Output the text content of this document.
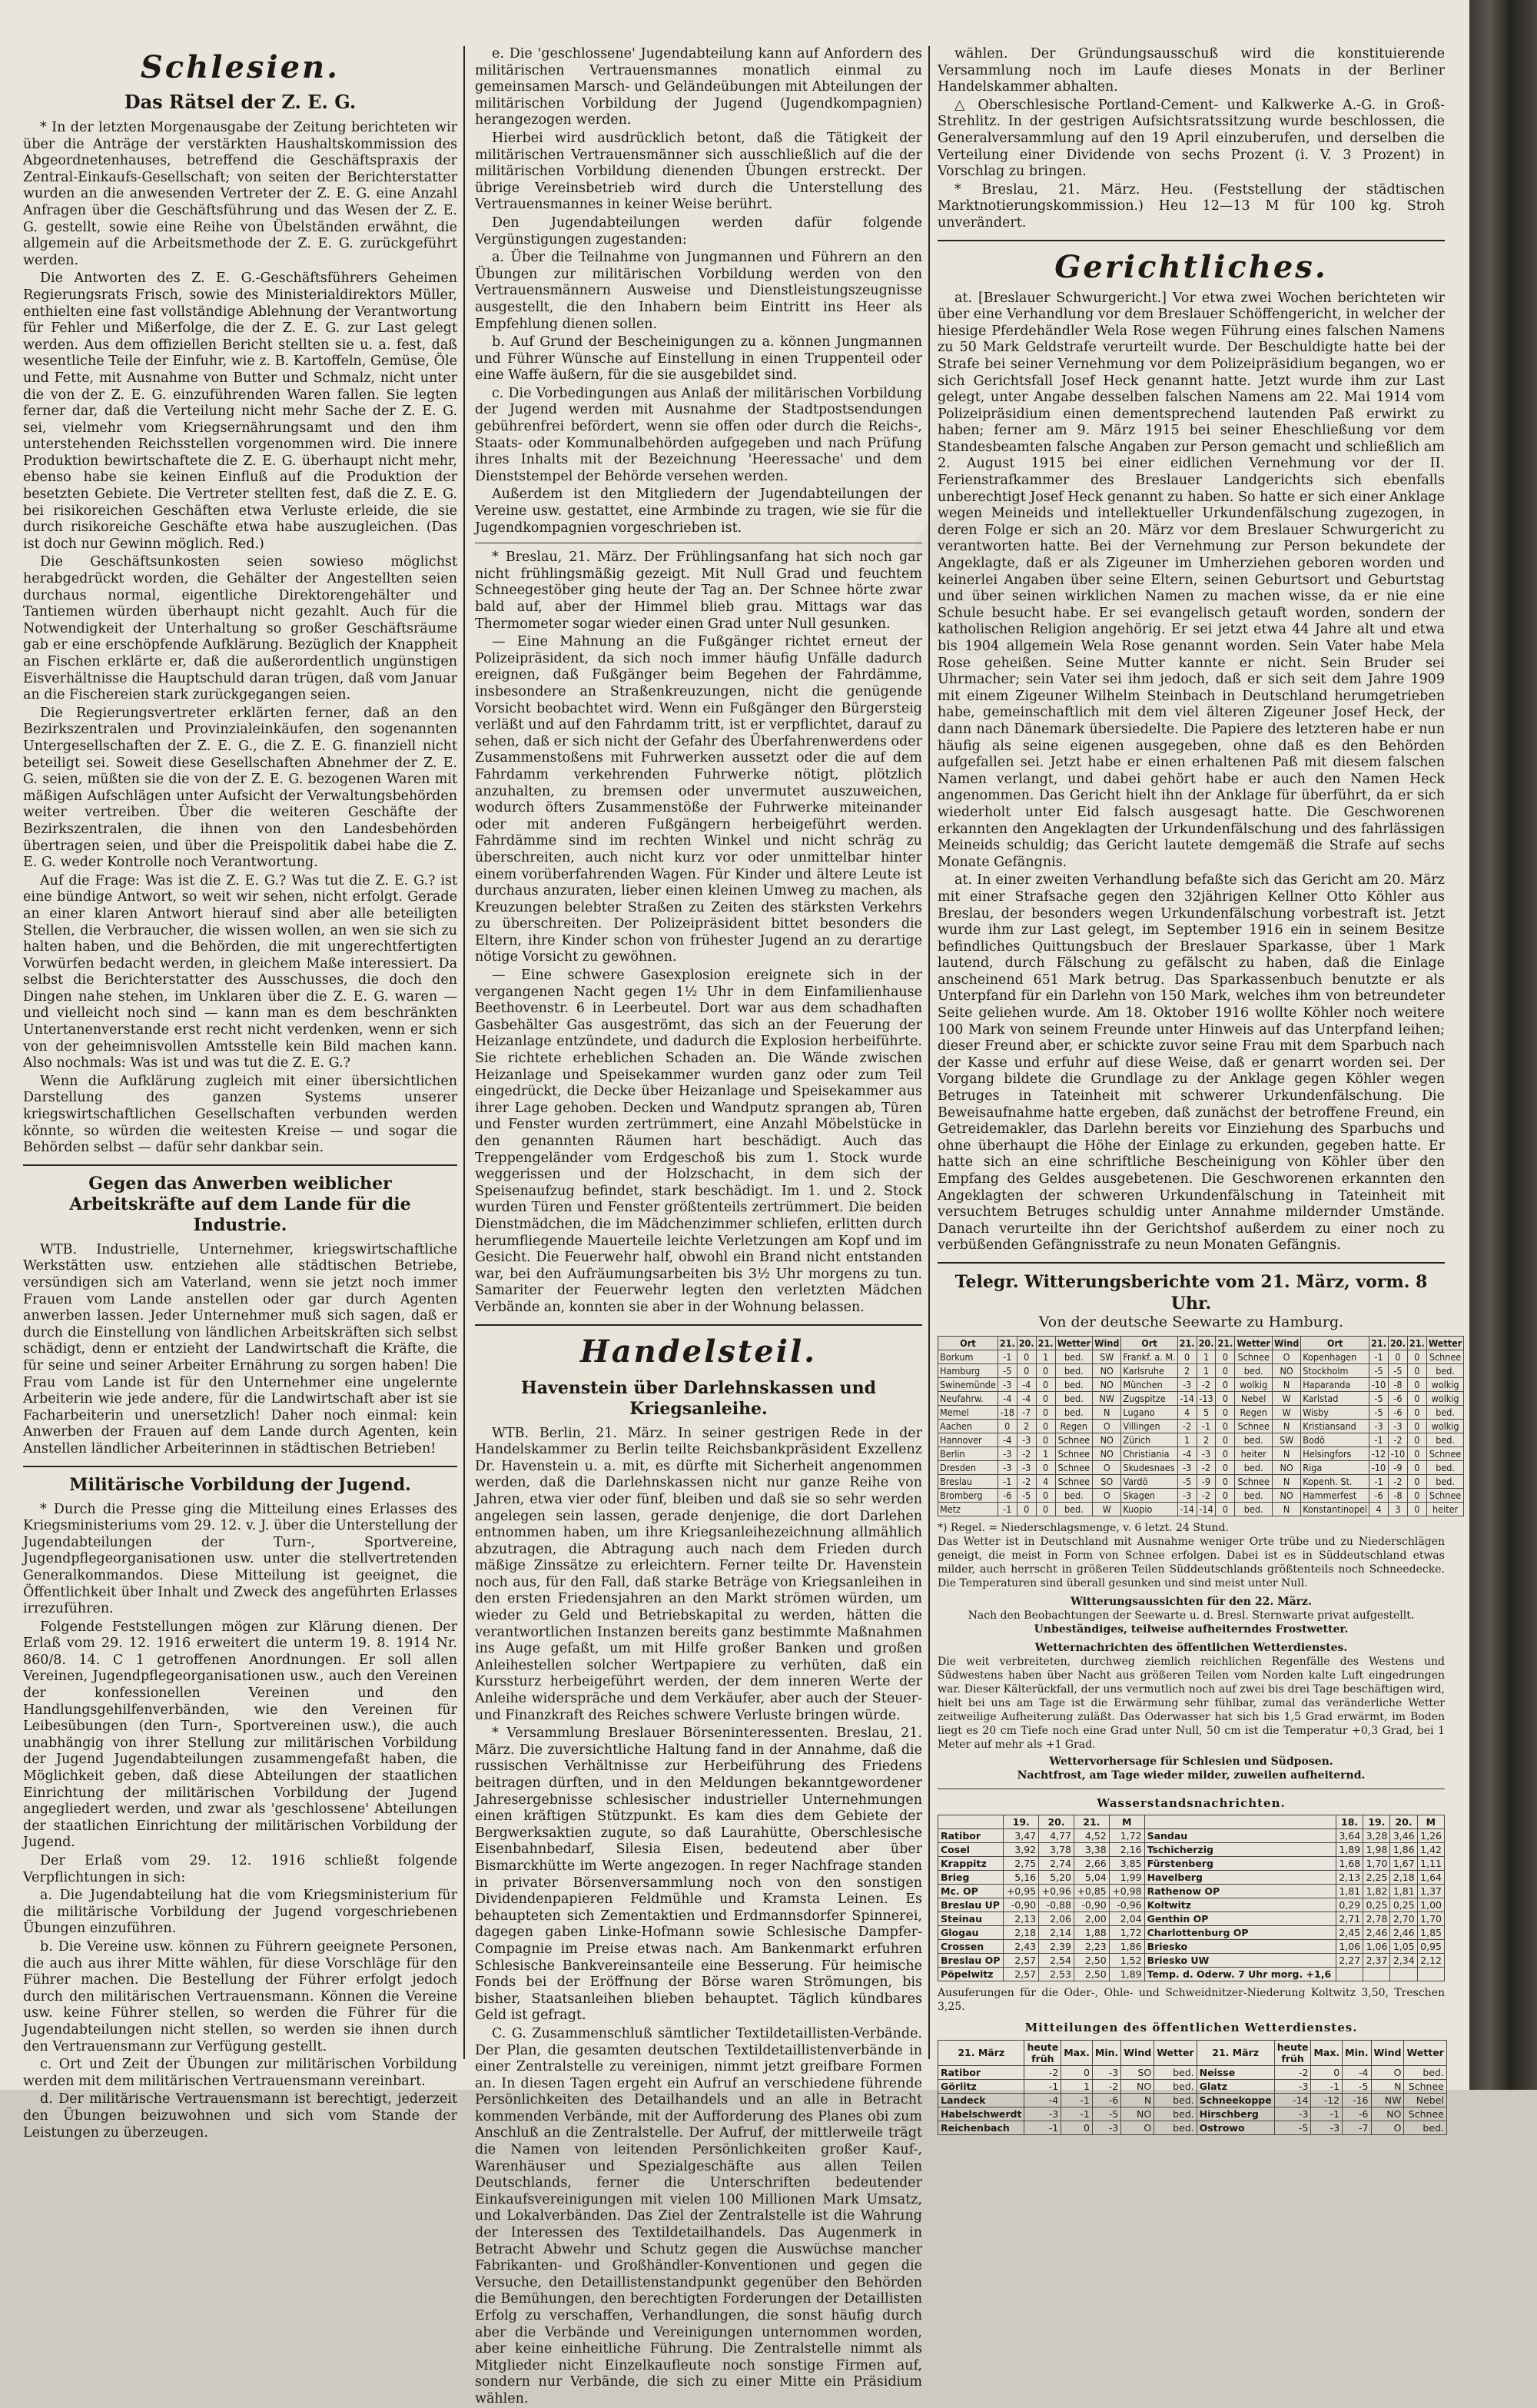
Schlesien.
Das Rätsel der Z. E. G.

* In der letzten Morgenausgabe der Zeitung berichteten wir über die Anträge der verstärkten Haushaltskommission des Abgeordnetenhauses, betreffend die Geschäftspraxis der Zentral-Einkaufs-Gesellschaft; von seiten der Berichterstatter wurden an die anwesenden Vertreter der Z. E. G. eine Anzahl Anfragen über die Geschäftsführung und das Wesen der Z. E. G. gestellt, sowie eine Reihe von Übelständen erwähnt, die allgemein auf die Arbeitsmethode der Z. E. G. zurückgeführt werden.

Die Antworten des Z. E. G.-Geschäftsführers Geheimen Regierungsrats Frisch, sowie des Ministerialdirektors Müller, enthielten eine fast vollständige Ablehnung der Verantwortung für Fehler und Mißerfolge, die der Z. E. G. zur Last gelegt werden. Aus dem offiziellen Bericht stellten sie u. a. fest, daß wesentliche Teile der Einfuhr, wie z. B. Kartoffeln, Gemüse, Öle und Fette, mit Ausnahme von Butter und Schmalz, nicht unter die von der Z. E. G. einzuführenden Waren fallen. Sie legten ferner dar, daß die Verteilung nicht mehr Sache der Z. E. G. sei, vielmehr vom Kriegsernährungsamt und den ihm unterstehenden Reichsstellen vorgenommen wird. Die innere Produktion bewirtschaftete die Z. E. G. überhaupt nicht mehr, ebenso habe sie keinen Einfluß auf die Produktion der besetzten Gebiete. Die Vertreter stellten fest, daß die Z. E. G. bei risikoreichen Geschäften etwa Verluste erleide, die sie durch risikoreiche Geschäfte etwa habe auszugleichen. (Das ist doch nur Gewinn möglich. Red.)

Die Geschäftsunkosten seien sowieso möglichst herabgedrückt worden, die Gehälter der Angestellten seien durchaus normal, eigentliche Direktorengehälter und Tantiemen würden überhaupt nicht gezahlt. Auch für die Notwendigkeit der Unterhaltung so großer Geschäftsräume gab er eine erschöpfende Aufklärung. Bezüglich der Knappheit an Fischen erklärte er, daß die außerordentlich ungünstigen Eisverhältnisse die Hauptschuld daran trügen, daß vom Januar an die Fischereien stark zurückgegangen seien.

Die Regierungsvertreter erklärten ferner, daß an den Bezirkszentralen und Provinzialeinkäufen, den sogenannten Untergesellschaften der Z. E. G., die Z. E. G. finanziell nicht beteiligt sei. Soweit diese Gesellschaften Abnehmer der Z. E. G. seien, müßten sie die von der Z. E. G. bezogenen Waren mit mäßigen Aufschlägen unter Aufsicht der Verwaltungsbehörden weiter vertreiben. Über die weiteren Geschäfte der Bezirkszentralen, die ihnen von den Landesbehörden übertragen seien, und über die Preispolitik dabei habe die Z. E. G. weder Kontrolle noch Verantwortung.

Auf die Frage: Was ist die Z. E. G.? Was tut die Z. E. G.? ist eine bündige Antwort, so weit wir sehen, nicht erfolgt. Gerade an einer klaren Antwort hierauf sind aber alle beteiligten Stellen, die Verbraucher, die wissen wollen, an wen sie sich zu halten haben, und die Behörden, die mit ungerechtfertigten Vorwürfen bedacht werden, in gleichem Maße interessiert. Da selbst die Berichterstatter des Ausschusses, die doch den Dingen nahe stehen, im Unklaren über die Z. E. G. waren — und vielleicht noch sind — kann man es dem beschränkten Untertanenverstande erst recht nicht verdenken, wenn er sich von der geheimnisvollen Amtsstelle kein Bild machen kann. Also nochmals: Was ist und was tut die Z. E. G.?

Wenn die Aufklärung zugleich mit einer übersichtlichen Darstellung des ganzen Systems unserer kriegswirtschaftlichen Gesellschaften verbunden werden könnte, so würden die weitesten Kreise — und sogar die Behörden selbst — dafür sehr dankbar sein.

Gegen das Anwerben weiblicher Arbeitskräfte auf dem Lande für die Industrie.

WTB. Industrielle, Unternehmer, kriegswirtschaftliche Werkstätten usw. entziehen alle städtischen Betriebe, versündigen sich am Vaterland, wenn sie jetzt noch immer Frauen vom Lande anstellen oder gar durch Agenten anwerben lassen. Jeder Unternehmer muß sich sagen, daß er durch die Einstellung von ländlichen Arbeitskräften sich selbst schädigt, denn er entzieht der Landwirtschaft die Kräfte, die für seine und seiner Arbeiter Ernährung zu sorgen haben! Die Frau vom Lande ist für den Unternehmer eine ungelernte Arbeiterin wie jede andere, für die Landwirtschaft aber ist sie Facharbeiterin und unersetzlich! Daher noch einmal: kein Anwerben der Frauen auf dem Lande durch Agenten, kein Anstellen ländlicher Arbeiterinnen in städtischen Betrieben!

Militärische Vorbildung der Jugend.

* Durch die Presse ging die Mitteilung eines Erlasses des Kriegsministeriums vom 29. 12. v. J. über die Unterstellung der Jugendabteilungen der Turn-, Sportvereine, Jugendpflegeorganisationen usw. unter die stellvertretenden Generalkommandos. Diese Mitteilung ist geeignet, die Öffentlichkeit über Inhalt und Zweck des angeführten Erlasses irrezuführen.

Folgende Feststellungen mögen zur Klärung dienen. Der Erlaß vom 29. 12. 1916 erweitert die unterm 19. 8. 1914 Nr. 860/8. 14. C 1 getroffenen Anordnungen. Er soll allen Vereinen, Jugendpflegeorganisationen usw., auch den Vereinen der konfessionellen Vereinen und den Handlungsgehilfenverbänden, wie den Vereinen für Leibesübungen (den Turn-, Sportvereinen usw.), die auch unabhängig von ihrer Stellung zur militärischen Vorbildung der Jugend Jugendabteilungen zusammengefaßt haben, die Möglichkeit geben, daß diese Abteilungen der staatlichen Einrichtung der militärischen Vorbildung der Jugend angegliedert werden, und zwar als 'geschlossene' Abteilungen der staatlichen Einrichtung der militärischen Vorbildung der Jugend.

Der Erlaß vom 29. 12. 1916 schließt folgende Verpflichtungen in sich:

a. Die Jugendabteilung hat die vom Kriegsministerium für die militärische Vorbildung der Jugend vorgeschriebenen Übungen einzuführen.

b. Die Vereine usw. können zu Führern geeignete Personen, die auch aus ihrer Mitte wählen, für diese Vorschläge für den Führer machen. Die Bestellung der Führer erfolgt jedoch durch den militärischen Vertrauensmann. Können die Vereine usw. keine Führer stellen, so werden die Führer für die Jugendabteilungen nicht stellen, so werden sie ihnen durch den Vertrauensmann zur Verfügung gestellt.

c. Ort und Zeit der Übungen zur militärischen Vorbildung werden mit dem militärischen Vertrauensmann vereinbart.

d. Der militärische Vertrauensmann ist berechtigt, jederzeit den Übungen beizuwohnen und sich vom Stande der Leistungen zu überzeugen.

e. Die 'geschlossene' Jugendabteilung kann auf Anfordern des militärischen Vertrauensmannes monatlich einmal zu gemeinsamen Marsch- und Geländeübungen mit Abteilungen der militärischen Vorbildung der Jugend (Jugendkompagnien) herangezogen werden.

Hierbei wird ausdrücklich betont, daß die Tätigkeit der militärischen Vertrauensmänner sich ausschließlich auf die der militärischen Vorbildung dienenden Übungen erstreckt. Der übrige Vereinsbetrieb wird durch die Unterstellung des Vertrauensmannes in keiner Weise berührt.

Den Jugendabteilungen werden dafür folgende Vergünstigungen zugestanden:

a. Über die Teilnahme von Jungmannen und Führern an den Übungen zur militärischen Vorbildung werden von den Vertrauensmännern Ausweise und Dienstleistungszeugnisse ausgestellt, die den Inhabern beim Eintritt ins Heer als Empfehlung dienen sollen.

b. Auf Grund der Bescheinigungen zu a. können Jungmannen und Führer Wünsche auf Einstellung in einen Truppenteil oder eine Waffe äußern, für die sie ausgebildet sind.

c. Die Vorbedingungen aus Anlaß der militärischen Vorbildung der Jugend werden mit Ausnahme der Stadtpostsendungen gebührenfrei befördert, wenn sie offen oder durch die Reichs-, Staats- oder Kommunalbehörden aufgegeben und nach Prüfung ihres Inhalts mit der Bezeichnung 'Heeressache' und dem Dienststempel der Behörde versehen werden.

Außerdem ist den Mitgliedern der Jugendabteilungen der Vereine usw. gestattet, eine Armbinde zu tragen, wie sie für die Jugendkompagnien vorgeschrieben ist.

* Breslau, 21. März. Der Frühlingsanfang hat sich noch gar nicht frühlingsmäßig gezeigt. Mit Null Grad und feuchtem Schneegestöber ging heute der Tag an. Der Schnee hörte zwar bald auf, aber der Himmel blieb grau. Mittags war das Thermometer sogar wieder einen Grad unter Null gesunken.

— Eine Mahnung an die Fußgänger richtet erneut der Polizeipräsident, da sich noch immer häufig Unfälle dadurch ereignen, daß Fußgänger beim Begehen der Fahrdämme, insbesondere an Straßenkreuzungen, nicht die genügende Vorsicht beobachtet wird. Wenn ein Fußgänger den Bürgersteig verläßt und auf den Fahrdamm tritt, ist er verpflichtet, darauf zu sehen, daß er sich nicht der Gefahr des Überfahrenwerdens oder Zusammenstoßens mit Fuhrwerken aussetzt oder die auf dem Fahrdamm verkehrenden Fuhrwerke nötigt, plötzlich anzuhalten, zu bremsen oder unvermutet auszuweichen, wodurch öfters Zusammenstöße der Fuhrwerke miteinander oder mit anderen Fußgängern herbeigeführt werden. Fahrdämme sind im rechten Winkel und nicht schräg zu überschreiten, auch nicht kurz vor oder unmittelbar hinter einem vorüberfahrenden Wagen. Für Kinder und ältere Leute ist durchaus anzuraten, lieber einen kleinen Umweg zu machen, als Kreuzungen belebter Straßen zu Zeiten des stärksten Verkehrs zu überschreiten. Der Polizeipräsident bittet besonders die Eltern, ihre Kinder schon von frühester Jugend an zu derartige nötige Vorsicht zu gewöhnen.

— Eine schwere Gasexplosion ereignete sich in der vergangenen Nacht gegen 1½ Uhr in dem Einfamilienhause Beethovenstr. 6 in Leerbeutel. Dort war aus dem schadhaften Gasbehälter Gas ausgeströmt, das sich an der Feuerung der Heizanlage entzündete, und dadurch die Explosion herbeiführte. Sie richtete erheblichen Schaden an. Die Wände zwischen Heizanlage und Speisekammer wurden ganz oder zum Teil eingedrückt, die Decke über Heizanlage und Speisekammer aus ihrer Lage gehoben. Decken und Wandputz sprangen ab, Türen und Fenster wurden zertrümmert, eine Anzahl Möbelstücke in den genannten Räumen hart beschädigt. Auch das Treppengeländer vom Erdgeschoß bis zum 1. Stock wurde weggerissen und der Holzschacht, in dem sich der Speisenaufzug befindet, stark beschädigt. Im 1. und 2. Stock wurden Türen und Fenster größtenteils zertrümmert. Die beiden Dienstmädchen, die im Mädchenzimmer schliefen, erlitten durch herumfliegende Mauerteile leichte Verletzungen am Kopf und im Gesicht. Die Feuerwehr half, obwohl ein Brand nicht entstanden war, bei den Aufräumungsarbeiten bis 3½ Uhr morgens zu tun. Samariter der Feuerwehr legten den verletzten Mädchen Verbände an, konnten sie aber in der Wohnung belassen.

Handelsteil.
Havenstein über Darlehnskassen und Kriegsanleihe.

WTB. Berlin, 21. März. In seiner gestrigen Rede in der Handelskammer zu Berlin teilte Reichsbankpräsident Exzellenz Dr. Havenstein u. a. mit, es dürfte mit Sicherheit angenommen werden, daß die Darlehnskassen nicht nur ganze Reihe von Jahren, etwa vier oder fünf, bleiben und daß sie so sehr werden angelegen sein lassen, gerade denjenige, die dort Darlehen entnommen haben, um ihre Kriegsanleihezeichnung allmählich abzutragen, die Abtragung auch nach dem Frieden durch mäßige Zinssätze zu erleichtern. Ferner teilte Dr. Havenstein noch aus, für den Fall, daß starke Beträge von Kriegsanleihen in den ersten Friedensjahren an den Markt strömen würden, um wieder zu Geld und Betriebskapital zu werden, hätten die verantwortlichen Instanzen bereits ganz bestimmte Maßnahmen ins Auge gefaßt, um mit Hilfe großer Banken und großen Anleihestellen solcher Wertpapiere zu verhüten, daß ein Kurssturz herbeigeführt werden, der dem inneren Werte der Anleihe widerspräche und dem Verkäufer, aber auch der Steuer- und Finanzkraft des Reiches schwere Verluste bringen würde.

* Versammlung Breslauer Börseninteressenten. Breslau, 21. März. Die zuversichtliche Haltung fand in der Annahme, daß die russischen Verhältnisse zur Herbeiführung des Friedens beitragen dürften, und in den Meldungen bekanntgewordener Jahresergebnisse schlesischer industrieller Unternehmungen einen kräftigen Stützpunkt. Es kam dies dem Gebiete der Bergwerksaktien zugute, so daß Laurahütte, Oberschlesische Eisenbahnbedarf, Silesia Eisen, bedeutend aber über Bismarckhütte im Werte angezogen. In reger Nachfrage standen in privater Börsenversammlung noch von den sonstigen Dividendenpapieren Feldmühle und Kramsta Leinen. Es behaupteten sich Zementaktien und Erdmannsdorfer Spinnerei, dagegen gaben Linke-Hofmann sowie Schlesische Dampfer-Compagnie im Preise etwas nach. Am Bankenmarkt erfuhren Schlesische Bankvereinsanteile eine Besserung. Für heimische Fonds bei der Eröffnung der Börse waren Strömungen, bis bisher, Staatsanleihen blieben behauptet. Täglich kündbares Geld ist gefragt.

C. G. Zusammenschluß sämtlicher Textildetaillisten-Verbände. Der Plan, die gesamten deutschen Textildetaillistenverbände in einer Zentralstelle zu vereinigen, nimmt jetzt greifbare Formen an. In diesen Tagen ergeht ein Aufruf an verschiedene führende Persönlichkeiten des Detailhandels und an alle in Betracht kommenden Verbände, mit der Aufforderung des Planes obi zum Anschluß an die Zentralstelle. Der Aufruf, der mittlerweile trägt die Namen von leitenden Persönlichkeiten großer Kauf-, Warenhäuser und Spezialgeschäfte aus allen Teilen Deutschlands, ferner die Unterschriften bedeutender Einkaufsvereinigungen mit vielen 100 Millionen Mark Umsatz, und Lokalverbänden. Das Ziel der Zentralstelle ist die Wahrung der Interessen des Textildetailhandels. Das Augenmerk in Betracht Abwehr und Schutz gegen die Auswüchse mancher Fabrikanten- und Großhändler-Konventionen und gegen die Versuche, den Detaillistenstandpunkt gegenüber den Behörden die Bemühungen, den berechtigten Forderungen der Detaillisten Erfolg zu verschaffen, Verhandlungen, die sonst häufig durch aber die Verbände und Vereinigungen unternommen worden, aber keine einheitliche Führung. Die Zentralstelle nimmt als Mitglieder nicht Einzelkaufleute noch sonstige Firmen auf, sondern nur Verbände, die sich zu einer Mitte ein Präsidium wählen.

wählen. Der Gründungsausschuß wird die konstituierende Versammlung noch im Laufe dieses Monats in der Berliner Handelskammer abhalten.

△ Oberschlesische Portland-Cement- und Kalkwerke A.-G. in Groß-Strehlitz. In der gestrigen Aufsichtsratssitzung wurde beschlossen, die Generalversammlung auf den 19 April einzuberufen, und derselben die Verteilung einer Dividende von sechs Prozent (i. V. 3 Prozent) in Vorschlag zu bringen.

* Breslau, 21. März. Heu. (Feststellung der städtischen Marktnotierungskommission.) Heu 12—13 M für 100 kg. Stroh unverändert.

Gerichtliches.

at. [Breslauer Schwurgericht.] Vor etwa zwei Wochen berichteten wir über eine Verhandlung vor dem Breslauer Schöffengericht, in welcher der hiesige Pferdehändler Wela Rose wegen Führung eines falschen Namens zu 50 Mark Geldstrafe verurteilt wurde. Der Beschuldigte hatte bei der Strafe bei seiner Vernehmung vor dem Polizeipräsidium begangen, wo er sich Gerichtsfall Josef Heck genannt hatte. Jetzt wurde ihm zur Last gelegt, unter Angabe desselben falschen Namens am 22. Mai 1914 vom Polizeipräsidium einen dementsprechend lautenden Paß erwirkt zu haben; ferner am 9. März 1915 bei seiner Eheschließung vor dem Standesbeamten falsche Angaben zur Person gemacht und schließlich am 2. August 1915 bei einer eidlichen Vernehmung vor der II. Ferienstrafkammer des Breslauer Landgerichts sich ebenfalls unberechtigt Josef Heck genannt zu haben. So hatte er sich einer Anklage wegen Meineids und intellektueller Urkundenfälschung zugezogen, in deren Folge er sich an 20. März vor dem Breslauer Schwurgericht zu verantworten hatte. Bei der Vernehmung zur Person bekundete der Angeklagte, daß er als Zigeuner im Umherziehen geboren worden und keinerlei Angaben über seine Eltern, seinen Geburtsort und Geburtstag und über seinen wirklichen Namen zu machen wisse, da er nie eine Schule besucht habe. Er sei evangelisch getauft worden, sondern der katholischen Religion angehörig. Er sei jetzt etwa 44 Jahre alt und etwa bis 1904 allgemein Wela Rose genannt worden. Sein Vater habe Mela Rose geheißen. Seine Mutter kannte er nicht. Sein Bruder sei Uhrmacher; sein Vater sei ihm jedoch, daß er sich seit dem Jahre 1909 mit einem Zigeuner Wilhelm Steinbach in Deutschland herumgetrieben habe, gemeinschaftlich mit dem viel älteren Zigeuner Josef Heck, der dann nach Dänemark übersiedelte. Die Papiere des letzteren habe er nun häufig als seine eigenen ausgegeben, ohne daß es den Behörden aufgefallen sei. Jetzt habe er einen erhaltenen Paß mit diesem falschen Namen verlangt, und dabei gehört habe er auch den Namen Heck angenommen. Das Gericht hielt ihn der Anklage für überführt, da er sich wiederholt unter Eid falsch ausgesagt hatte. Die Geschworenen erkannten den Angeklagten der Urkundenfälschung und des fahrlässigen Meineids schuldig; das Gericht lautete demgemäß die Strafe auf sechs Monate Gefängnis.

at. In einer zweiten Verhandlung befaßte sich das Gericht am 20. März mit einer Strafsache gegen den 32jährigen Kellner Otto Köhler aus Breslau, der besonders wegen Urkundenfälschung vorbestraft ist. Jetzt wurde ihm zur Last gelegt, im September 1916 ein in seinem Besitze befindliches Quittungsbuch der Breslauer Sparkasse, über 1 Mark lautend, durch Fälschung zu gefälscht zu haben, daß die Einlage anscheinend 651 Mark betrug. Das Sparkassenbuch benutzte er als Unterpfand für ein Darlehn von 150 Mark, welches ihm von betreundeter Seite geliehen wurde. Am 18. Oktober 1916 wollte Köhler noch weitere 100 Mark von seinem Freunde unter Hinweis auf das Unterpfand leihen; dieser Freund aber, er schickte zuvor seine Frau mit dem Sparbuch nach der Kasse und erfuhr auf diese Weise, daß er genarrt worden sei. Der Vorgang bildete die Grundlage zu der Anklage gegen Köhler wegen Betruges in Tateinheit mit schwerer Urkundenfälschung. Die Beweisaufnahme hatte ergeben, daß zunächst der betroffene Freund, ein Getreidemakler, das Darlehn bereits vor Einziehung des Sparbuchs und ohne überhaupt die Höhe der Einlage zu erkunden, gegeben hatte. Er hatte sich an eine schriftliche Bescheinigung von Köhler über den Empfang des Geldes ausgebetenen. Die Geschworenen erkannten den Angeklagten der schweren Urkundenfälschung in Tateinheit mit versuchtem Betruges schuldig unter Annahme mildernder Umstände. Danach verurteilte ihn der Gerichtshof außerdem zu einer noch zu verbüßenden Gefängnisstrafe zu neun Monaten Gefängnis.

Telegr. Witterungsberichte vom 21. März, vorm. 8 Uhr.
Von der deutsche Seewarte zu Hamburg.
Ort	21.	20.	21.	Wetter	Wind	Ort	21.	20.	21.	Wetter	Wind	Ort	21.	20.	21.	Wetter
Borkum	-1	0	1	bed.	SW	Frankf. a. M.	0	1	0	Schnee	O	Kopenhagen	-1	0	0	Schnee
Hamburg	-5	0	0	bed.	NO	Karlsruhe	2	1	0	bed.	NO	Stockholm	-5	-5	0	bed.
Swinemünde	-3	-4	0	bed.	NO	München	-3	-2	0	wolkig	N	Haparanda	-10	-8	0	wolkig
Neufahrw.	-4	-4	0	bed.	NW	Zugspitze	-14	-13	0	Nebel	W	Karlstad	-5	-6	0	wolkig
Memel	-18	-7	0	bed.	N	Lugano	4	5	0	Regen	W	Wisby	-5	-6	0	bed.
Aachen	0	2	0	Regen	O	Villingen	-2	-1	0	Schnee	N	Kristiansand	-3	-3	0	wolkig
Hannover	-4	-3	0	Schnee	NO	Zürich	1	2	0	bed.	SW	Bodö	-1	-2	0	bed.
Berlin	-3	-2	1	Schnee	NO	Christiania	-4	-3	0	heiter	N	Helsingfors	-12	-10	0	Schnee
Dresden	-3	-3	0	Schnee	O	Skudesnaes	-3	-2	0	bed.	NO	Riga	-10	-9	0	bed.
Breslau	-1	-2	4	Schnee	SO	Vardö	-5	-9	0	Schnee	N	Kopenh. St.	-1	-2	0	bed.
Bromberg	-6	-5	0	bed.	O	Skagen	-3	-2	0	bed.	NO	Hammerfest	-6	-8	0	Schnee
Metz	-1	0	0	bed.	W	Kuopio	-14	-14	0	bed.	N	Konstantinopel	4	3	0	heiter
*) Regel. = Niederschlagsmenge, v. 6 letzt. 24 Stund.
Das Wetter ist in Deutschland mit Ausnahme weniger Orte trübe und zu Niederschlägen geneigt, die meist in Form von Schnee erfolgen. Dabei ist es in Süddeutschland etwas milder, auch herrscht in größeren Teilen Süddeutschlands größtenteils noch Schneedecke. Die Temperaturen sind überall gesunken und sind meist unter Null.
Witterungsaussichten für den 22. März.
Nach den Beobachtungen der Seewarte u. d. Bresl. Sternwarte privat aufgestellt.
Unbeständiges, teilweise aufheiterndes Frostwetter.
Wetternachrichten des öffentlichen Wetterdienstes.
Die weit verbreiteten, durchweg ziemlich reichlichen Regenfälle des Westens und Südwestens haben über Nacht aus größeren Teilen vom Norden kalte Luft eingedrungen war. Dieser Kälterückfall, der uns vermutlich noch auf zwei bis drei Tage beschäftigen wird, hielt bei uns am Tage ist die Erwärmung sehr fühlbar, zumal das veränderliche Wetter zeitweilige Aufheiterung zuläßt. Das Oderwasser hat sich bis 1,5 Grad erwärmt, im Boden liegt es 20 cm Tiefe noch eine Grad unter Null, 50 cm ist die Temperatur +0,3 Grad, bei 1 Meter auf mehr als +1 Grad.
Wettervorhersage für Schlesien und Südposen.
Nachtfrost, am Tage wieder milder, zuweilen aufheiternd.
Wasserstandsnachrichten.
	19.	20.	21.	M		18.	19.	20.	M
Ratibor	3,47	4,77	4,52	1,72	Sandau	3,64	3,28	3,46	1,26
Cosel	3,92	3,78	3,38	2,16	Tschicherzig	1,89	1,98	1,86	1,42
Krappitz	2,75	2,74	2,66	3,85	Fürstenberg	1,68	1,70	1,67	1,11
Brieg	5,16	5,20	5,04	1,99	Havelberg	2,13	2,25	2,18	1,64
Mc. OP	+0,95	+0,96	+0,85	+0,98	Rathenow OP	1,81	1,82	1,81	1,37
Breslau UP	-0,90	-0,88	-0,90	-0,96	Koltwitz	0,29	0,25	0,25	1,00
Steinau	2,13	2,06	2,00	2,04	Genthin OP	2,71	2,78	2,70	1,70
Glogau	2,18	2,14	1,88	1,72	Charlottenburg OP	2,45	2,46	2,46	1,85
Crossen	2,43	2,39	2,23	1,86	Briesko	1,06	1,06	1,05	0,95
Breslau OP	2,57	2,54	2,50	1,52	Briesko UW	2,27	2,37	2,34	2,12
Pöpelwitz	2,57	2,53	2,50	1,89	Temp. d. Oderw. 7 Uhr morg. +1,6				
Ausuferungen für die Oder-, Ohle- und Schweidnitzer-Niederung Koltwitz 3,50, Treschen 3,25.
Mitteilungen des öffentlichen Wetterdienstes.
21. März	heute früh	Max.	Min.	Wind	Wetter	21. März	heute früh	Max.	Min.	Wind	Wetter
Ratibor	-2	0	-3	SO	bed.	Neisse	-2	0	-4	O	bed.
Görlitz	-1	1	-2	NO	bed.	Glatz	-3	-1	-5	N	Schnee
Landeck	-4	-1	-6	N	bed.	Schneekoppe	-14	-12	-16	NW	Nebel
Habelschwerdt	-3	-1	-5	NO	bed.	Hirschberg	-3	-1	-6	NO	Schnee
Reichenbach	-1	0	-3	O	bed.	Ostrowo	-5	-3	-7	O	bed.
